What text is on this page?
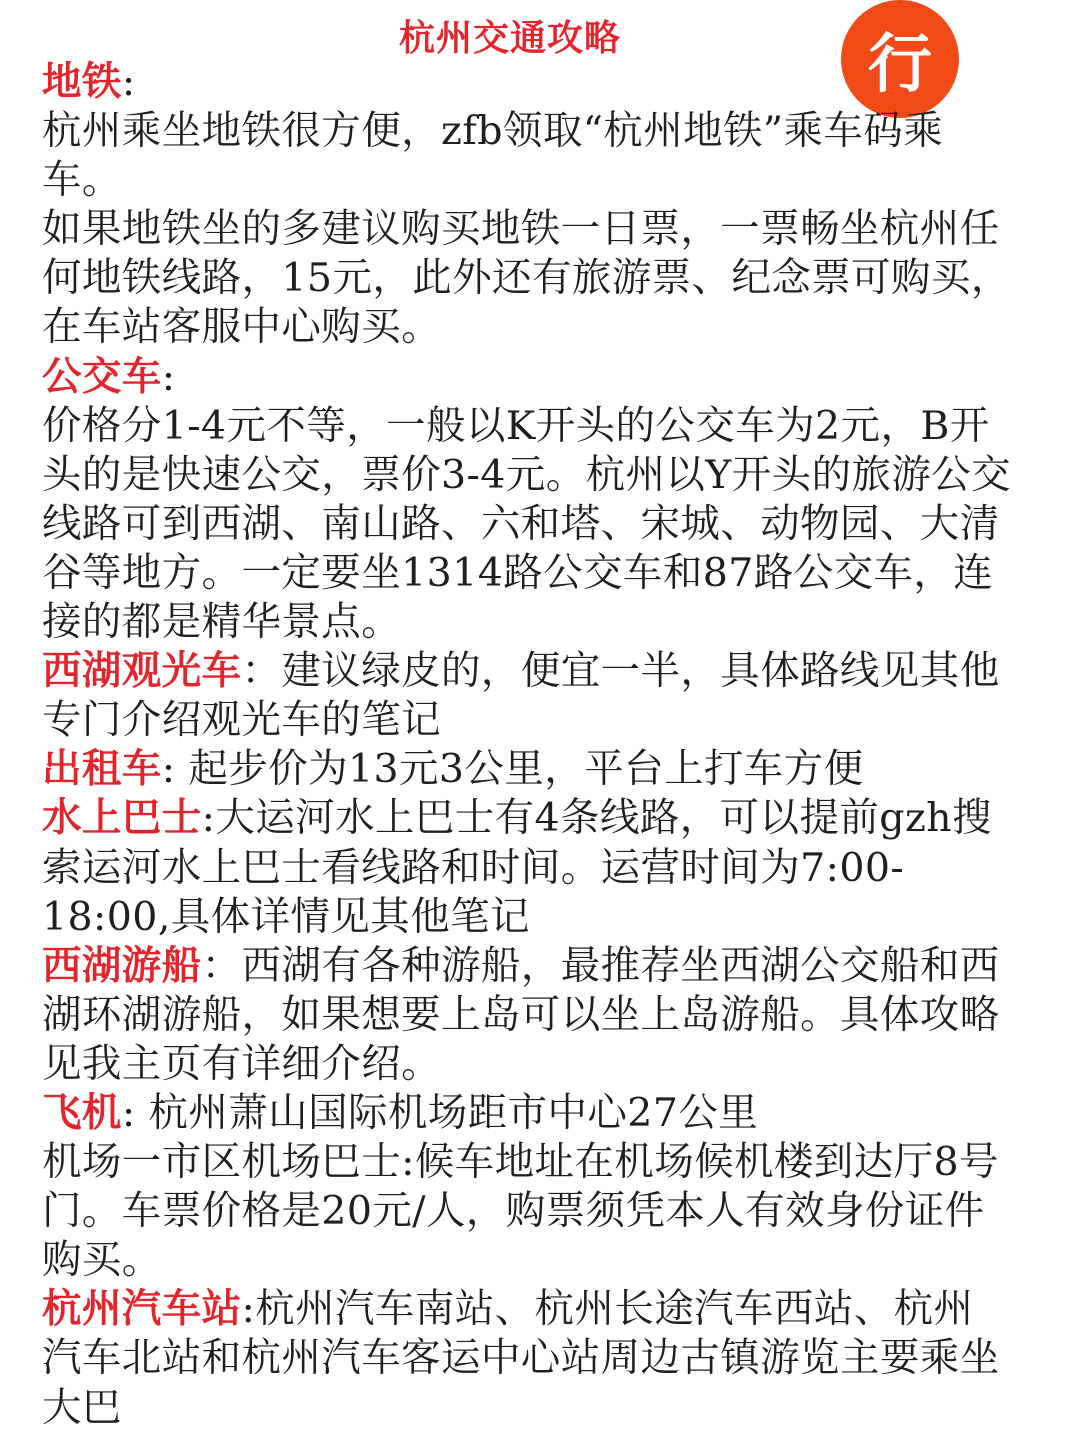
杭州交通攻略	行

地铁:

杭州乘坐地铁很方便，zfb领取“杭州地铁”乘车码乘车。

如果地铁坐的多建议购买地铁一日票，一票畅坐杭州任何地铁线路，15元，此外还有旅游票、纪念票可购买，在车站客服中心购买。

公交车:

价格分1-4元不等，一般以K开头的公交车为2元，B开头的是快速公交，票价3-4元。杭州以Y开头的旅游公交线路可到西湖、南山路、六和塔、宋城、动物园、大清谷等地方。一定要坐1314路公交车和87路公交车，连接的都是精华景点。

西湖观光车：建议绿皮的，便宜一半，具体路线见其他专门介绍观光车的笔记

出租车: 起步价为13元3公里，平台上打车方便

水上巴士:大运河水上巴士有4条线路，可以提前gzh搜索运河水上巴士看线路和时间。运营时间为7:00-18:00,具体详情见其他笔记

西湖游船：西湖有各种游船，最推荐坐西湖公交船和西湖环湖游船，如果想要上岛可以坐上岛游船。具体攻略见我主页有详细介绍。

飞机: 杭州萧山国际机场距市中心27公里

机场一市区机场巴士:候车地址在机场候机楼到达厅8号门。车票价格是20元/人，购票须凭本人有效身份证件购买。

杭州汽车站:杭州汽车南站、杭州长途汽车西站、杭州汽车北站和杭州汽车客运中心站周边古镇游览主要乘坐大巴
